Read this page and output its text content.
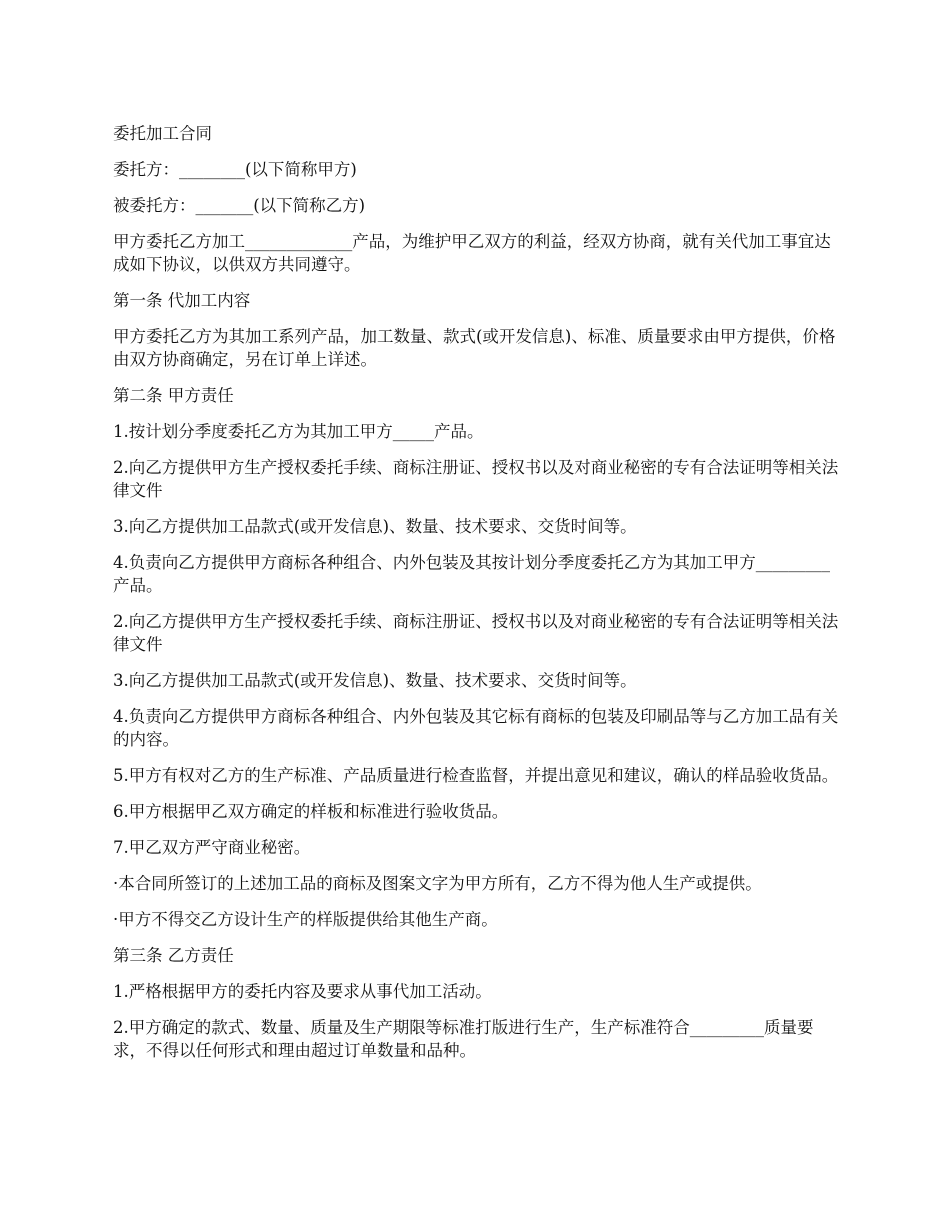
委托加工合同

委托方：________(以下简称甲方)

被委托方：_______(以下简称乙方)

甲方委托乙方加工_____________产品，为维护甲乙双方的利益，经双方协商，就有关代加工事宜达成如下协议，以供双方共同遵守。

第一条 代加工内容

甲方委托乙方为其加工系列产品，加工数量、款式(或开发信息)、标准、质量要求由甲方提供，价格由双方协商确定，另在订单上详述。

第二条 甲方责任

1.按计划分季度委托乙方为其加工甲方_____产品。

2.向乙方提供甲方生产授权委托手续、商标注册证、授权书以及对商业秘密的专有合法证明等相关法律文件

3.向乙方提供加工品款式(或开发信息)、数量、技术要求、交货时间等。

4.负责向乙方提供甲方商标各种组合、内外包装及其按计划分季度委托乙方为其加工甲方_________产品。

2.向乙方提供甲方生产授权委托手续、商标注册证、授权书以及对商业秘密的专有合法证明等相关法律文件

3.向乙方提供加工品款式(或开发信息)、数量、技术要求、交货时间等。

4.负责向乙方提供甲方商标各种组合、内外包装及其它标有商标的包装及印刷品等与乙方加工品有关的内容。

5.甲方有权对乙方的生产标准、产品质量进行检查监督，并提出意见和建议，确认的样品验收货品。

6.甲方根据甲乙双方确定的样板和标准进行验收货品。

7.甲乙双方严守商业秘密。

·本合同所签订的上述加工品的商标及图案文字为甲方所有，乙方不得为他人生产或提供。

·甲方不得交乙方设计生产的样版提供给其他生产商。

第三条 乙方责任

1.严格根据甲方的委托内容及要求从事代加工活动。

2.甲方确定的款式、数量、质量及生产期限等标准打版进行生产，生产标准符合_________质量要求，不得以任何形式和理由超过订单数量和品种。
